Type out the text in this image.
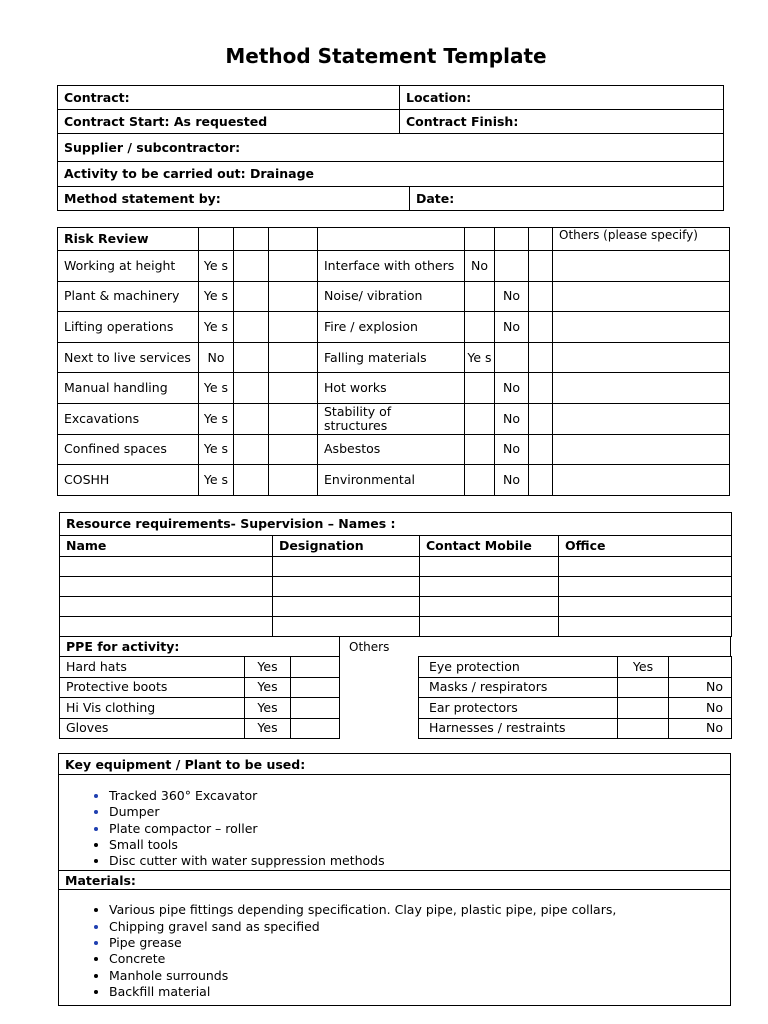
Method Statement Template
Contract:	Location:	
Contract Start: As requested	Contract Finish:	
Supplier / subcontractor:		
Activity to be carried out: Drainage		
Method statement by:		Date:
Risk Review								Others (please specify)
Working at height	Ye s			Interface with others	No			
Plant & machinery	Ye s			Noise/ vibration		No		
Lifting operations	Ye s			Fire / explosion		No		
Next to live services	No			Falling materials	Ye s			
Manual handling	Ye s			Hot works		No		
Excavations	Ye s			Stability of structures		No		
Confined spaces	Ye s			Asbestos		No		
COSHH	Ye s			Environmental		No		
Resource requirements- Supervision – Names :			
Name	Designation	Contact Mobile	Office

PPE for activity:		
Hard hats	Yes	
Protective boots	Yes	
Hi Vis clothing	Yes	
Gloves	Yes	
Others
Eye protection	Yes	
Masks / respirators		No
Ear protectors		No
Harnesses / restraints		No
Key equipment / Plant to be used:
• Tracked 360° Excavator
• Dumper
• Plate compactor – roller
• Small tools
• Disc cutter with water suppression methods
Materials:
• Various pipe fittings depending specification. Clay pipe, plastic pipe, pipe collars,
• Chipping gravel sand as specified
• Pipe grease
• Concrete
• Manhole surrounds
• Backfill material
